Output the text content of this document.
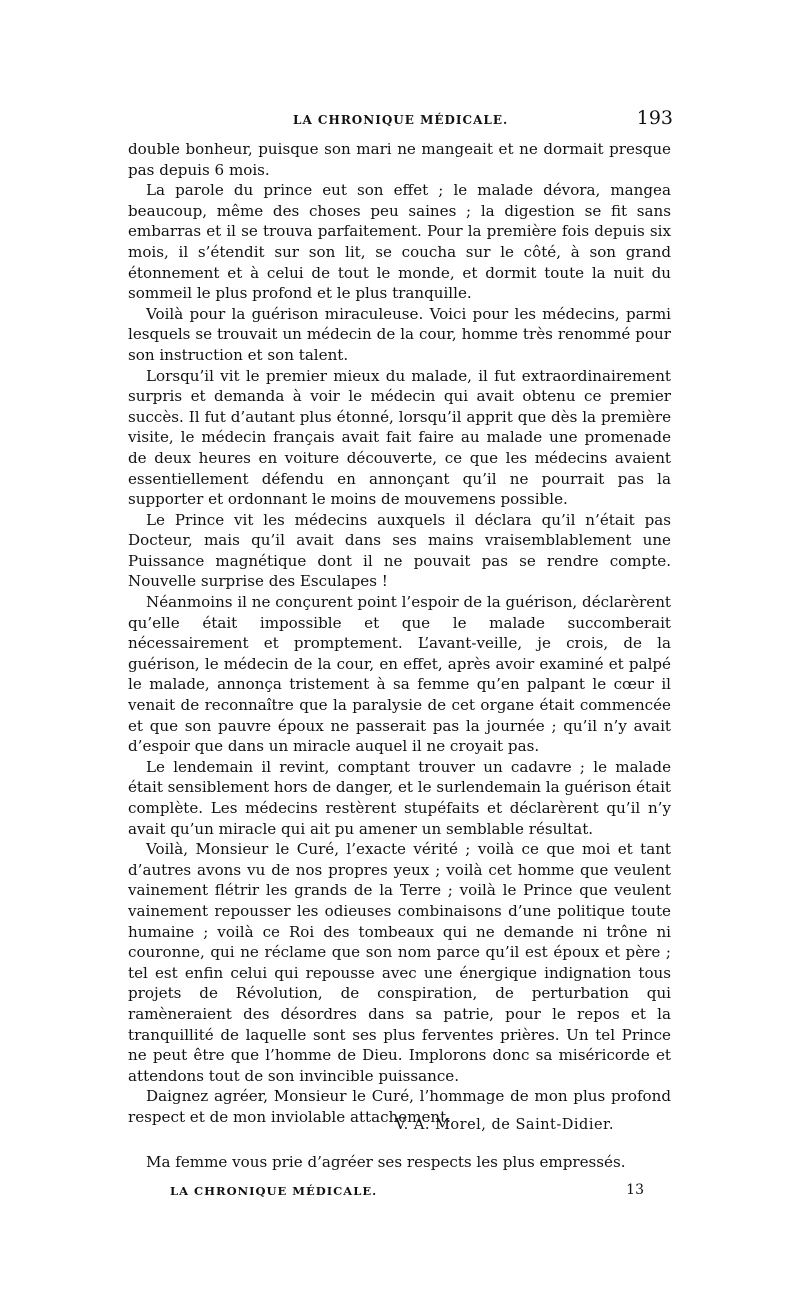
LA CHRONIQUE MÉDICALE.	193

double bonheur, puisque son mari ne mangeait et ne dormait presque pas depuis 6 mois.

La parole du prince eut son effet ; le malade dévora, mangea beaucoup, même des choses peu saines ; la digestion se fit sans embarras et il se trouva parfaitement. Pour la première fois depuis six mois, il s’étendit sur son lit, se coucha sur le côté, à son grand étonnement et à celui de tout le monde, et dormit toute la nuit du sommeil le plus profond et le plus tranquille.

Voilà pour la guérison miraculeuse. Voici pour les médecins, parmi lesquels se trouvait un médecin de la cour, homme très renommé pour son instruction et son talent.

Lorsqu’il vit le premier mieux du malade, il fut extraordinairement surpris et demanda à voir le médecin qui avait obtenu ce premier succès. Il fut d’autant plus étonné, lorsqu’il apprit que dès la première visite, le médecin français avait fait faire au malade une promenade de deux heures en voiture découverte, ce que les médecins avaient essentiellement défendu en annonçant qu’il ne pourrait pas la supporter et ordonnant le moins de mouvemens possible.

Le Prince vit les médecins auxquels il déclara qu’il n’était pas Docteur, mais qu’il avait dans ses mains vraisemblablement une Puissance magnétique dont il ne pouvait pas se rendre compte. Nouvelle surprise des Esculapes !

Néanmoins il ne conçurent point l’espoir de la guérison, déclarèrent qu’elle était impossible et que le malade succomberait nécessairement et promptement. L’avant-veille, je crois, de la guérison, le médecin de la cour, en effet, après avoir examiné et palpé le malade, annonça tristement à sa femme qu’en palpant le cœur il venait de reconnaître que la paralysie de cet organe était commencée et que son pauvre époux ne passerait pas la journée ; qu’il n’y avait d’espoir que dans un miracle auquel il ne croyait pas.

Le lendemain il revint, comptant trouver un cadavre ; le malade était sensiblement hors de danger, et le surlendemain la guérison était complète. Les médecins restèrent stupéfaits et déclarèrent qu’il n’y avait qu’un miracle qui ait pu amener un semblable résultat.

Voilà, Monsieur le Curé, l’exacte vérité ; voilà ce que moi et tant d’autres avons vu de nos propres yeux ; voilà cet homme que veulent vainement flétrir les grands de la Terre ; voilà le Prince que veulent vainement repousser les odieuses combinaisons d’une politique toute humaine ; voilà ce Roi des tombeaux qui ne demande ni trône ni couronne, qui ne réclame que son nom parce qu’il est époux et père ; tel est enfin celui qui repousse avec une énergique indignation tous projets de Révolution, de conspiration, de perturbation qui ramèneraient des désordres dans sa patrie, pour le repos et la tranquillité de laquelle sont ses plus ferventes prières. Un tel Prince ne peut être que l’homme de Dieu. Implorons donc sa miséricorde et attendons tout de son invincible puissance.

Daignez agréer, Monsieur le Curé, l’hommage de mon plus profond respect et de mon inviolable attachement.

V. A. Morel, de Saint-Didier.
Ma femme vous prie d’agréer ses respects les plus empressés.
LA CHRONIQUE MÉDICALE.	13
